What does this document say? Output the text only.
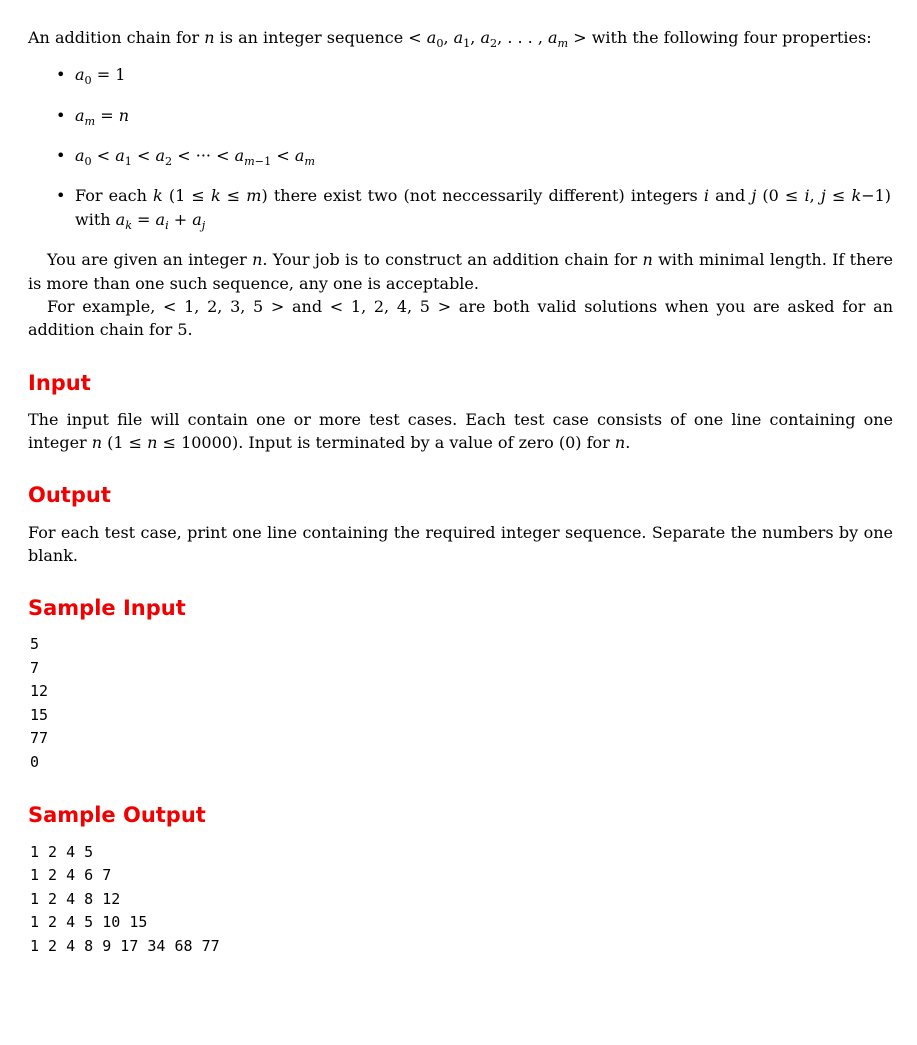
An addition chain for n is an integer sequence < $a_0$, $a_1$, $a_2$, . . . , $a_m$ > with the following four properties:

• $a_0 = 1$
• $a_m = n$
• $a_0 < a_1 < a_2$ < ··· < $a_{m-1} < a_m$
• For each k (1 ≤ k ≤ m) there exist two (not neccessarily different) integers i and j (0 ≤ i, j ≤ k−1) with $a_k = a_i + a_j$

You are given an integer n. Your job is to construct an addition chain for n with minimal length. If there is more than one such sequence, any one is acceptable.

For example, < 1, 2, 3, 5 > and < 1, 2, 4, 5 > are both valid solutions when you are asked for an addition chain for 5.

Input

The input file will contain one or more test cases. Each test case consists of one line containing one integer n (1 ≤ n ≤ 10000). Input is terminated by a value of zero (0) for n.

Output

For each test case, print one line containing the required integer sequence. Separate the numbers by one blank.

Sample Input
5
7
12
15
77
0
Sample Output
1 2 4 5
1 2 4 6 7
1 2 4 8 12
1 2 4 5 10 15
1 2 4 8 9 17 34 68 77
